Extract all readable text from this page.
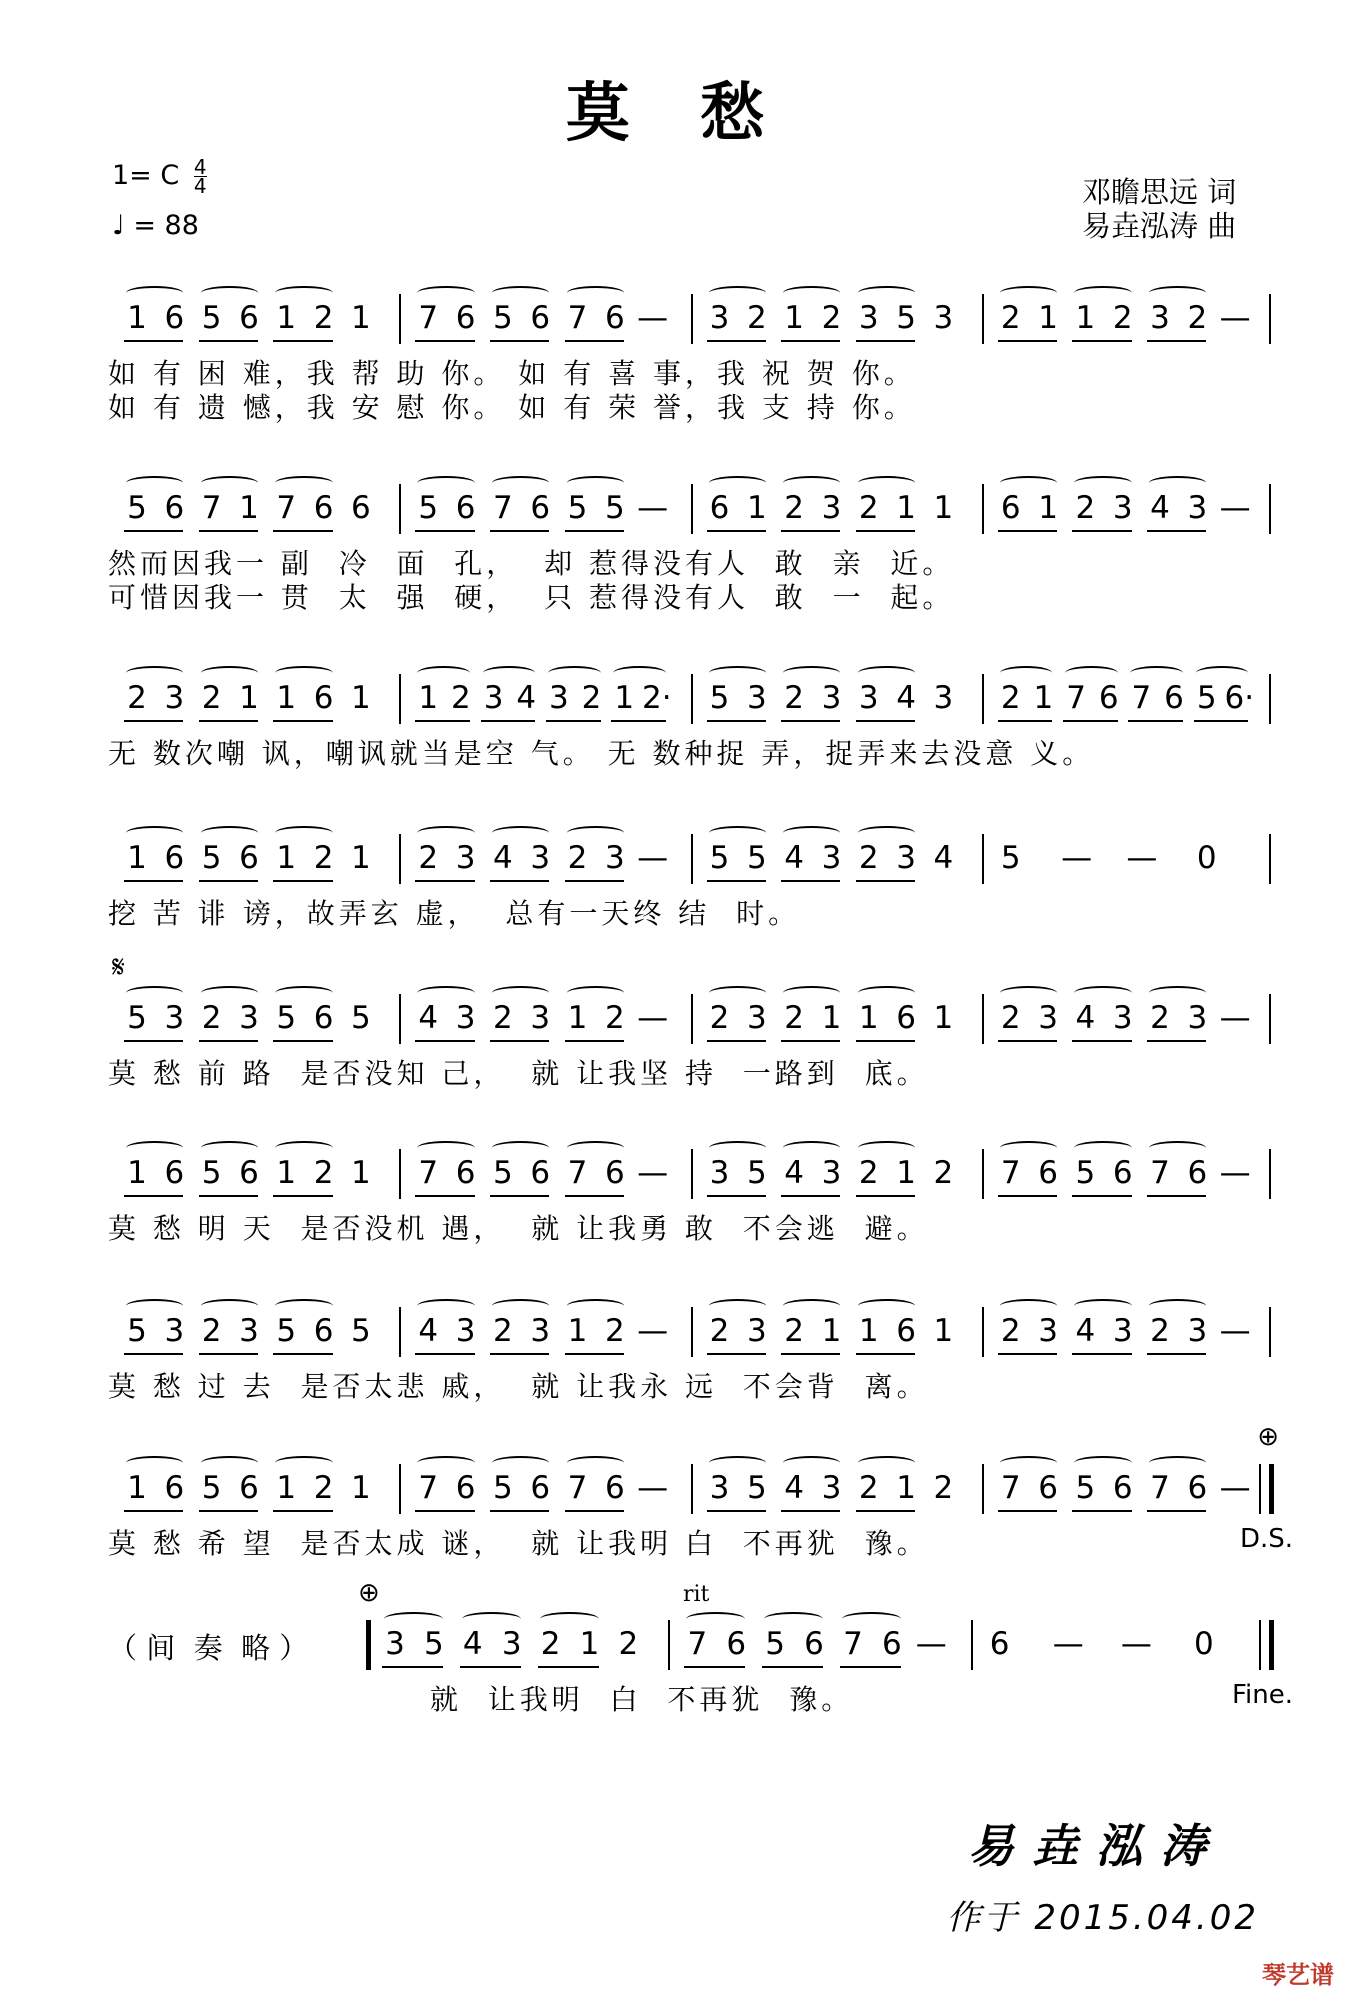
莫 愁
1= C $\frac{4}{4}$
♩ = 88
邓瞻思远 词
易垚泓涛 曲
1 6 5 6 1 2 1 7 6 5 6 7 6 — 3 2 1 2 3 5 3 2 1 1 2 3 2 —
如 有 困 难，我 帮 助 你。 如 有 喜 事，我 祝 贺 你。
如 有 遗 憾，我 安 慰 你。 如 有 荣 誉，我 支 持 你。
5 6 7 1 7 6 6 5 6 7 6 5 5 — 6 1 2 3 2 1 1 6 1 2 3 4 3 —
然而因我一 副  冷  面  孔，  却 惹得没有人  敢  亲  近。
可惜因我一 贯  太  强  硬，  只 惹得没有人  敢  一  起。
2 3 2 1 1 6 1 1 2 3 4 3 2 1 2· 5 3 2 3 3 4 3 2 1 7 6 7 6 5 6·
无 数次嘲 讽，嘲讽就当是空 气。 无 数种捉 弄，捉弄来去没意 义。
1 6 5 6 1 2 1 2 3 4 3 2 3 — 5 5 4 3 2 3 4 5 — — 0
挖 苦 诽 谤，故弄玄 虚，  总有一天终 结  时。
5 3 2 3 5 6 5 4 3 2 3 1 2 — 2 3 2 1 1 6 1 2 3 4 3 2 3 —
莫 愁 前 路  是否没知 己，  就 让我坚 持  一路到  底。
𝄋
1 6 5 6 1 2 1 7 6 5 6 7 6 — 3 5 4 3 2 1 2 7 6 5 6 7 6 —
莫 愁 明 天  是否没机 遇，  就 让我勇 敢  不会逃  避。
5 3 2 3 5 6 5 4 3 2 3 1 2 — 2 3 2 1 1 6 1 2 3 4 3 2 3 —
莫 愁 过 去  是否太悲 戚，  就 让我永 远  不会背  离。
1 6 5 6 1 2 1 7 6 5 6 7 6 — 3 5 4 3 2 1 2 7 6 5 6 7 6 —
莫 愁 希 望  是否太成 谜，  就 让我明 白  不再犹  豫。	D.S.
⊕
（ 间  奏  略 ）	3 5 4 3 2 1 2 7 6 5 6 7 6 — 6 — — 0
就  让我明  白  不再犹  豫。	Fine.
rit
⊕
易垚泓涛
作于 2015.04.02
琴艺谱
